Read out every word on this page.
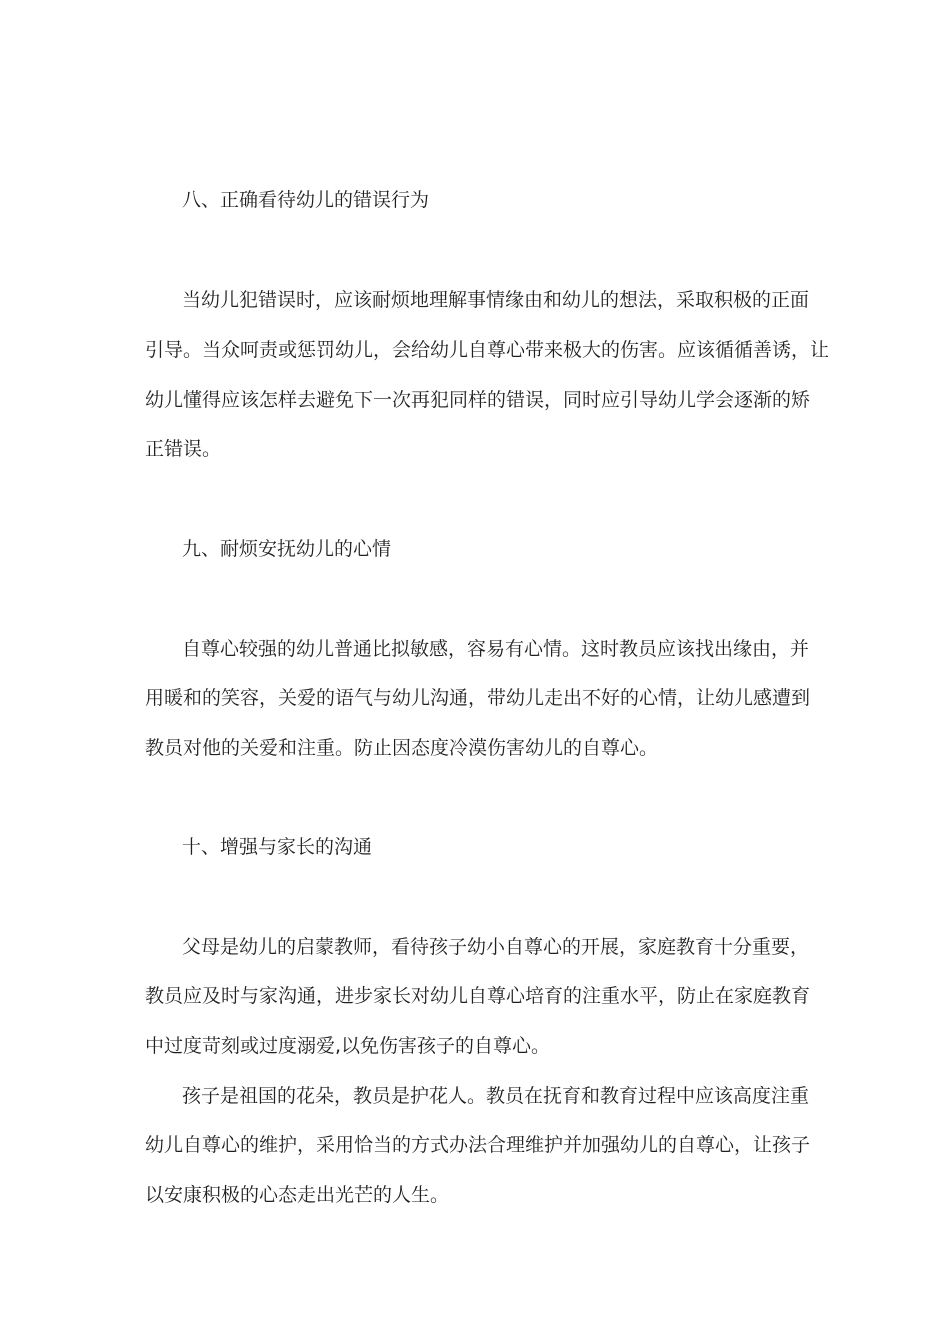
八、正确看待幼儿的错误行为
当幼儿犯错误时，应该耐烦地理解事情缘由和幼儿的想法，采取积极的正面
引导。当众呵责或惩罚幼儿，会给幼儿自尊心带来极大的伤害。应该循循善诱，让
幼儿懂得应该怎样去避免下一次再犯同样的错误，同时应引导幼儿学会逐渐的矫
正错误。
九、耐烦安抚幼儿的心情
自尊心较强的幼儿普通比拟敏感，容易有心情。这时教员应该找出缘由，并
用暖和的笑容，关爱的语气与幼儿沟通，带幼儿走出不好的心情，让幼儿感遭到
教员对他的关爱和注重。防止因态度冷漠伤害幼儿的自尊心。
十、增强与家长的沟通
父母是幼儿的启蒙教师，看待孩子幼小自尊心的开展，家庭教育十分重要，
教员应及时与家沟通，进步家长对幼儿自尊心培育的注重水平，防止在家庭教育
中过度苛刻或过度溺爱,以免伤害孩子的自尊心。
孩子是祖国的花朵，教员是护花人。教员在抚育和教育过程中应该高度注重
幼儿自尊心的维护，采用恰当的方式办法合理维护并加强幼儿的自尊心，让孩子
以安康积极的心态走出光芒的人生。
